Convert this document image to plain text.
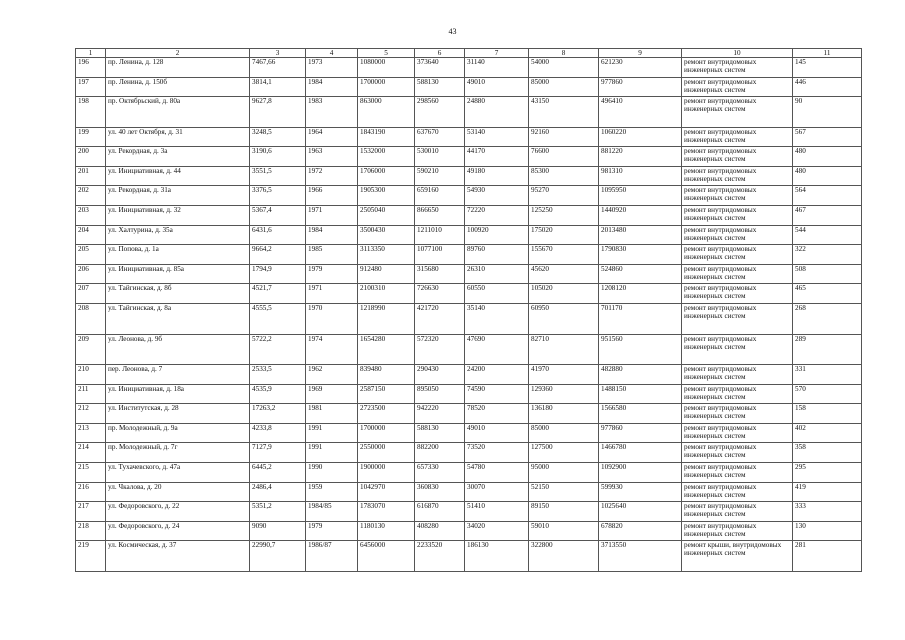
43
1	2	3	4	5	6	7	8	9	10	11
196	пр. Ленина, д. 128	7467,66	1973	1080000	373640	31140	54000	621230	ремонт внутридомовых инженерных систем	145
197	пр. Ленина, д. 150б	3814,1	1984	1700000	588130	49010	85000	977860	ремонт внутридомовых инженерных систем	446
198	пр. Октябрьский, д. 80а	9627,8	1983	863000	298560	24880	43150	496410	ремонт внутридомовых инженерных систем	90
199	ул. 40 лет Октября, д. 31	3248,5	1964	1843190	637670	53140	92160	1060220	ремонт внутридомовых инженерных систем	567
200	ул. Рекордная, д. 3а	3190,6	1963	1532000	530010	44170	76600	881220	ремонт внутридомовых инженерных систем	480
201	ул. Инициативная, д. 44	3551,5	1972	1706000	590210	49180	85300	981310	ремонт внутридомовых инженерных систем	480
202	ул. Рекордная, д. 31а	3376,5	1966	1905300	659160	54930	95270	1095950	ремонт внутридомовых инженерных систем	564
203	ул. Инициативная, д. 32	5367,4	1971	2505040	866650	72220	125250	1440920	ремонт внутридомовых инженерных систем	467
204	ул. Халтурина, д. 35а	6431,6	1984	3500430	1211010	100920	175020	2013480	ремонт внутридомовых инженерных систем	544
205	ул. Попова, д. 1а	9664,2	1985	3113350	1077100	89760	155670	1790830	ремонт внутридомовых инженерных систем	322
206	ул. Инициативная, д. 85а	1794,9	1979	912480	315680	26310	45620	524860	ремонт внутридомовых инженерных систем	508
207	ул. Тайгинская, д. 8б	4521,7	1971	2100310	726630	60550	105020	1208120	ремонт внутридомовых инженерных систем	465
208	ул. Тайгинская, д. 8а	4555,5	1970	1218990	421720	35140	60950	701170	ремонт внутридомовых инженерных систем	268
209	ул. Леонова, д. 9б	5722,2	1974	1654280	572320	47690	82710	951560	ремонт внутридомовых инженерных систем	289
210	пер. Леонова, д. 7	2533,5	1962	839480	290430	24200	41970	482880	ремонт внутридомовых инженерных систем	331
211	ул. Инициативная, д. 18а	4535,9	1969	2587150	895050	74590	129360	1488150	ремонт внутридомовых инженерных систем	570
212	ул. Институтская, д. 28	17263,2	1981	2723500	942220	78520	136180	1566580	ремонт внутридомовых инженерных систем	158
213	пр. Молодежный, д. 9а	4233,8	1991	1700000	588130	49010	85000	977860	ремонт внутридомовых инженерных систем	402
214	пр. Молодежный, д. 7г	7127,9	1991	2550000	882200	73520	127500	1466780	ремонт внутридомовых инженерных систем	358
215	ул. Тухачевского, д. 47а	6445,2	1990	1900000	657330	54780	95000	1092900	ремонт внутридомовых инженерных систем	295
216	ул. Чкалова, д. 20	2486,4	1959	1042970	360830	30070	52150	599930	ремонт внутридомовых инженерных систем	419
217	ул. Федоровского, д. 22	5351,2	1984/85	1783070	616870	51410	89150	1025640	ремонт внутридомовых инженерных систем	333
218	ул. Федоровского, д. 24	9090	1979	1180130	408280	34020	59010	678820	ремонт внутридомовых инженерных систем	130
219	ул. Космическая, д. 37	22990,7	1986/87	6456000	2233520	186130	322800	3713550	ремонт крыши, внутридомовых инженерных систем	281
